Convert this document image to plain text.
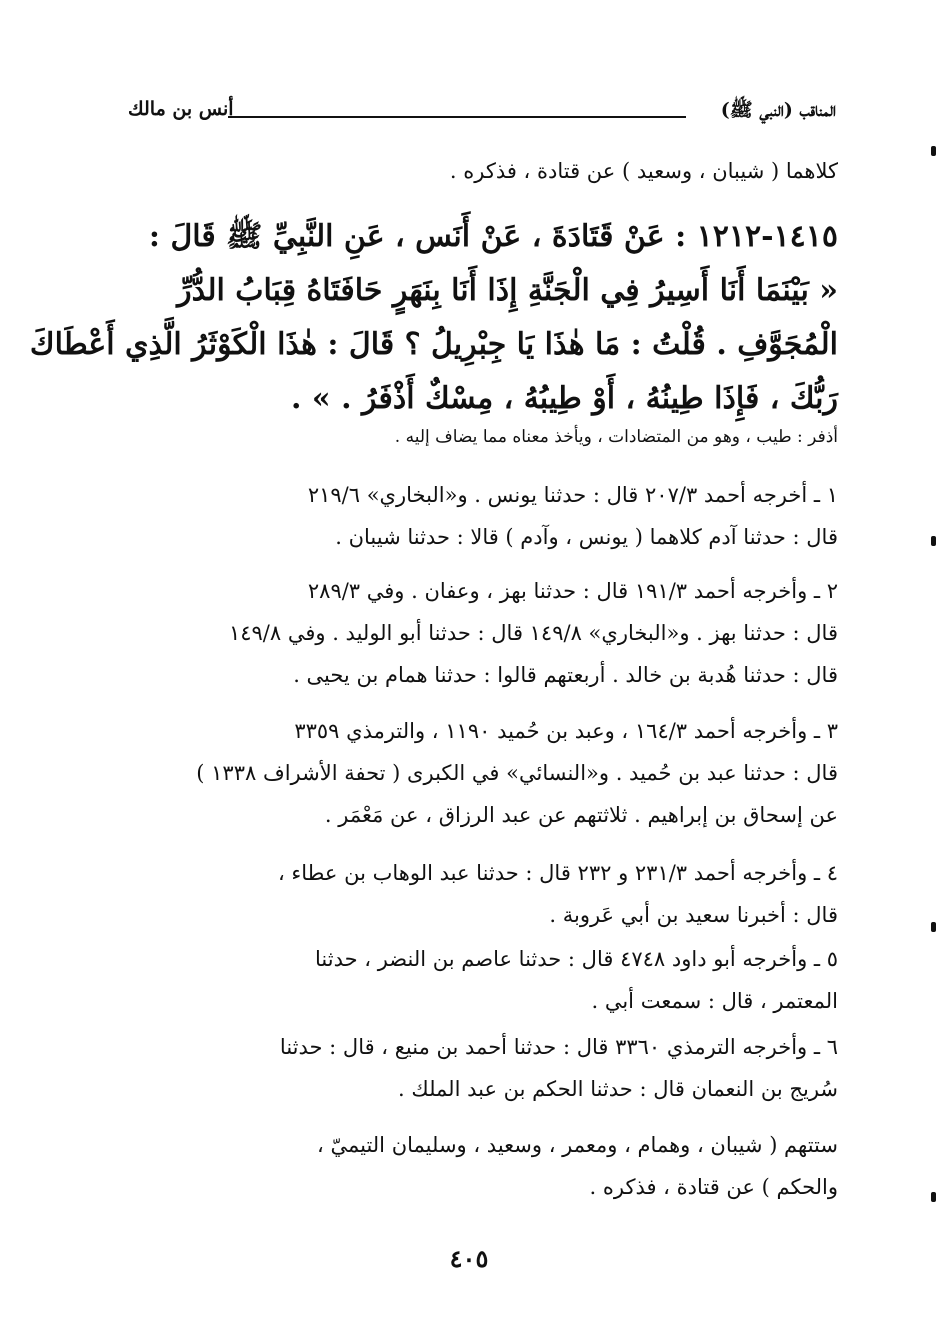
المناقب (النبي ﷺ)
أنس بن مالك
كلاهما ( شيبان ، وسعيد ) عن قتادة ، فذكره .
١٤١٥-١٢١٢ : عَنْ قَتَادَةَ ، عَنْ أَنَس ، عَنِ النَّبِيِّ ﷺ قَالَ :
« بَيْنَمَا أَنَا أَسِيرُ فِي الْجَنَّةِ إِذَا أَنَا بِنَهَرٍ حَافَتَاهُ قِبَابُ الدُّرِّ
الْمُجَوَّفِ . قُلْتُ : مَا هٰذَا يَا جِبْرِيلُ ؟ قَالَ : هٰذَا الْكَوْثَرُ الَّذِي أَعْطَاكَ
رَبُّكَ ، فَإِذَا طِينُهُ ، أَوْ طِيبُهُ ، مِسْكٌ أَذْفَرُ . » .
أذفر : طيب ، وهو من المتضادات ، ويأخذ معناه مما يضاف إليه .
١ ـ أخرجه أحمد ٢٠٧/٣ قال : حدثنا يونس . و«البخاري» ٢١٩/٦
قال : حدثنا آدم كلاهما ( يونس ، وآدم ) قالا : حدثنا شيبان .
٢ ـ وأخرجه أحمد ١٩١/٣ قال : حدثنا بهز ، وعفان . وفي ٢٨٩/٣
قال : حدثنا بهز . و«البخاري» ١٤٩/٨ قال : حدثنا أبو الوليد . وفي ١٤٩/٨
قال : حدثنا هُدبة بن خالد . أربعتهم قالوا : حدثنا همام بن يحيى .
٣ ـ وأخرجه أحمد ١٦٤/٣ ، وعبد بن حُميد ١١٩٠ ، والترمذي ٣٣٥٩
قال : حدثنا عبد بن حُميد . و«النسائي» في الكبرى ( تحفة الأشراف ١٣٣٨ )
عن إسحاق بن إبراهيم . ثلاثتهم عن عبد الرزاق ، عن مَعْمَر .
٤ ـ وأخرجه أحمد ٢٣١/٣ و ٢٣٢ قال : حدثنا عبد الوهاب بن عطاء ،
قال : أخبرنا سعيد بن أبي عَروبة .
٥ ـ وأخرجه أبو داود ٤٧٤٨ قال : حدثنا عاصم بن النضر ، حدثنا
المعتمر ، قال : سمعت أبي .
٦ ـ وأخرجه الترمذي ٣٣٦٠ قال : حدثنا أحمد بن منيع ، قال : حدثنا
سُريج بن النعمان قال : حدثنا الحكم بن عبد الملك .
ستتهم ( شيبان ، وهمام ، ومعمر ، وسعيد ، وسليمان التيميّ ،
والحكم ) عن قتادة ، فذكره .
٤٠٥
